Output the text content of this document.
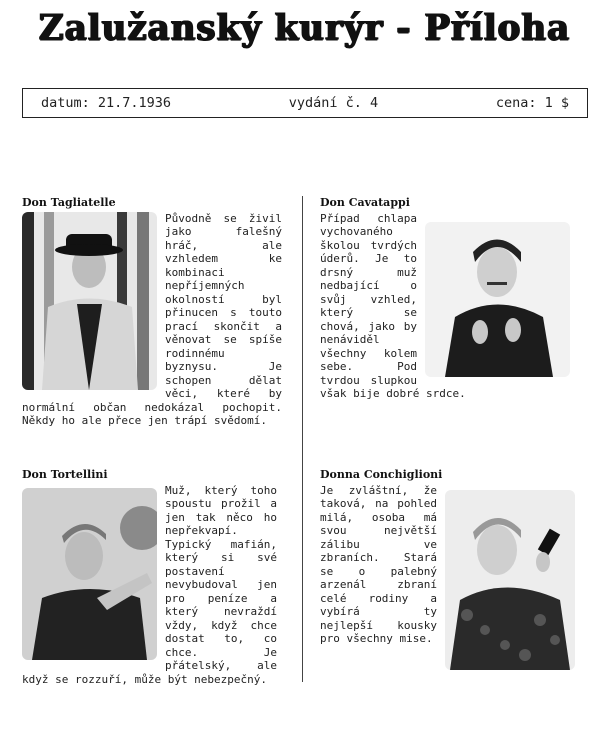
Zalužanský kurýr - Příloha
datum: 21.7.1936	vydání č. 4	cena: 1 $
Don Tagliatelle

Původně se živil jako falešný hráč, ale vzhledem ke kombinaci nepříjemných okolností byl přinucen s touto prací skončit a věnovat se spíše rodinnému byznysu. Je schopen dělat věci, které by normální občan nedokázal pochopit. Někdy ho ale přece jen trápí svědomí.

Don Cavatappi

Případ chlapa vychovaného školou tvrdých úderů. Je to drsný muž nedbající o svůj vzhled, který se chová, jako by nenáviděl všechny kolem sebe. Pod tvrdou slupkou však bije dobré srdce.

Don Tortellini

Muž, který toho spoustu prožil a jen tak něco ho nepřekvapí. Typický mafián, který si své postavení nevybudoval jen pro peníze a který nevraždí vždy, když chce dostat to, co chce. Je přátelský, ale když se rozzuří, může být nebezpečný.

Donna Conchiglioni

Je zvláštní, že taková, na pohled milá, osoba má svou největší zálibu ve zbraních. Stará se o palebný arzenál zbraní celé rodiny a vybírá ty nejlepší kousky pro všechny mise.
